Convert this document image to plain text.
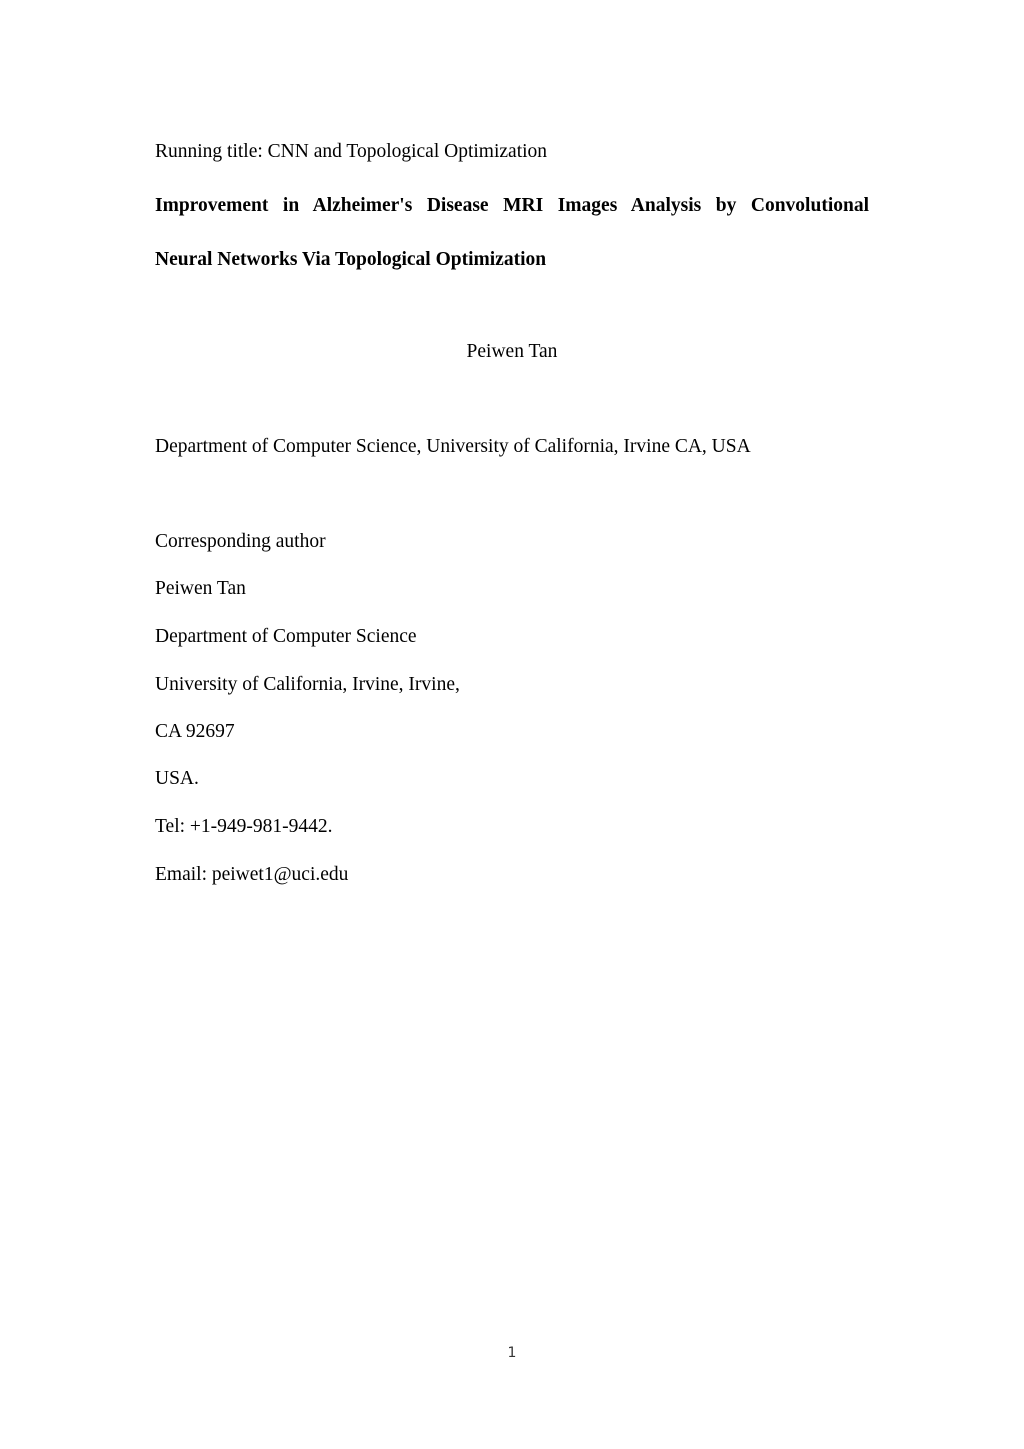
Running title: CNN and Topological Optimization
Improvement in Alzheimer's Disease MRI Images Analysis by Convolutional
Neural Networks Via Topological Optimization
Peiwen Tan
Department of Computer Science, University of California, Irvine CA, USA
Corresponding author
Peiwen Tan
Department of Computer Science
University of California, Irvine, Irvine,
CA 92697
USA.
Tel: +1-949-981-9442.
Email: peiwet1@uci.edu
1
